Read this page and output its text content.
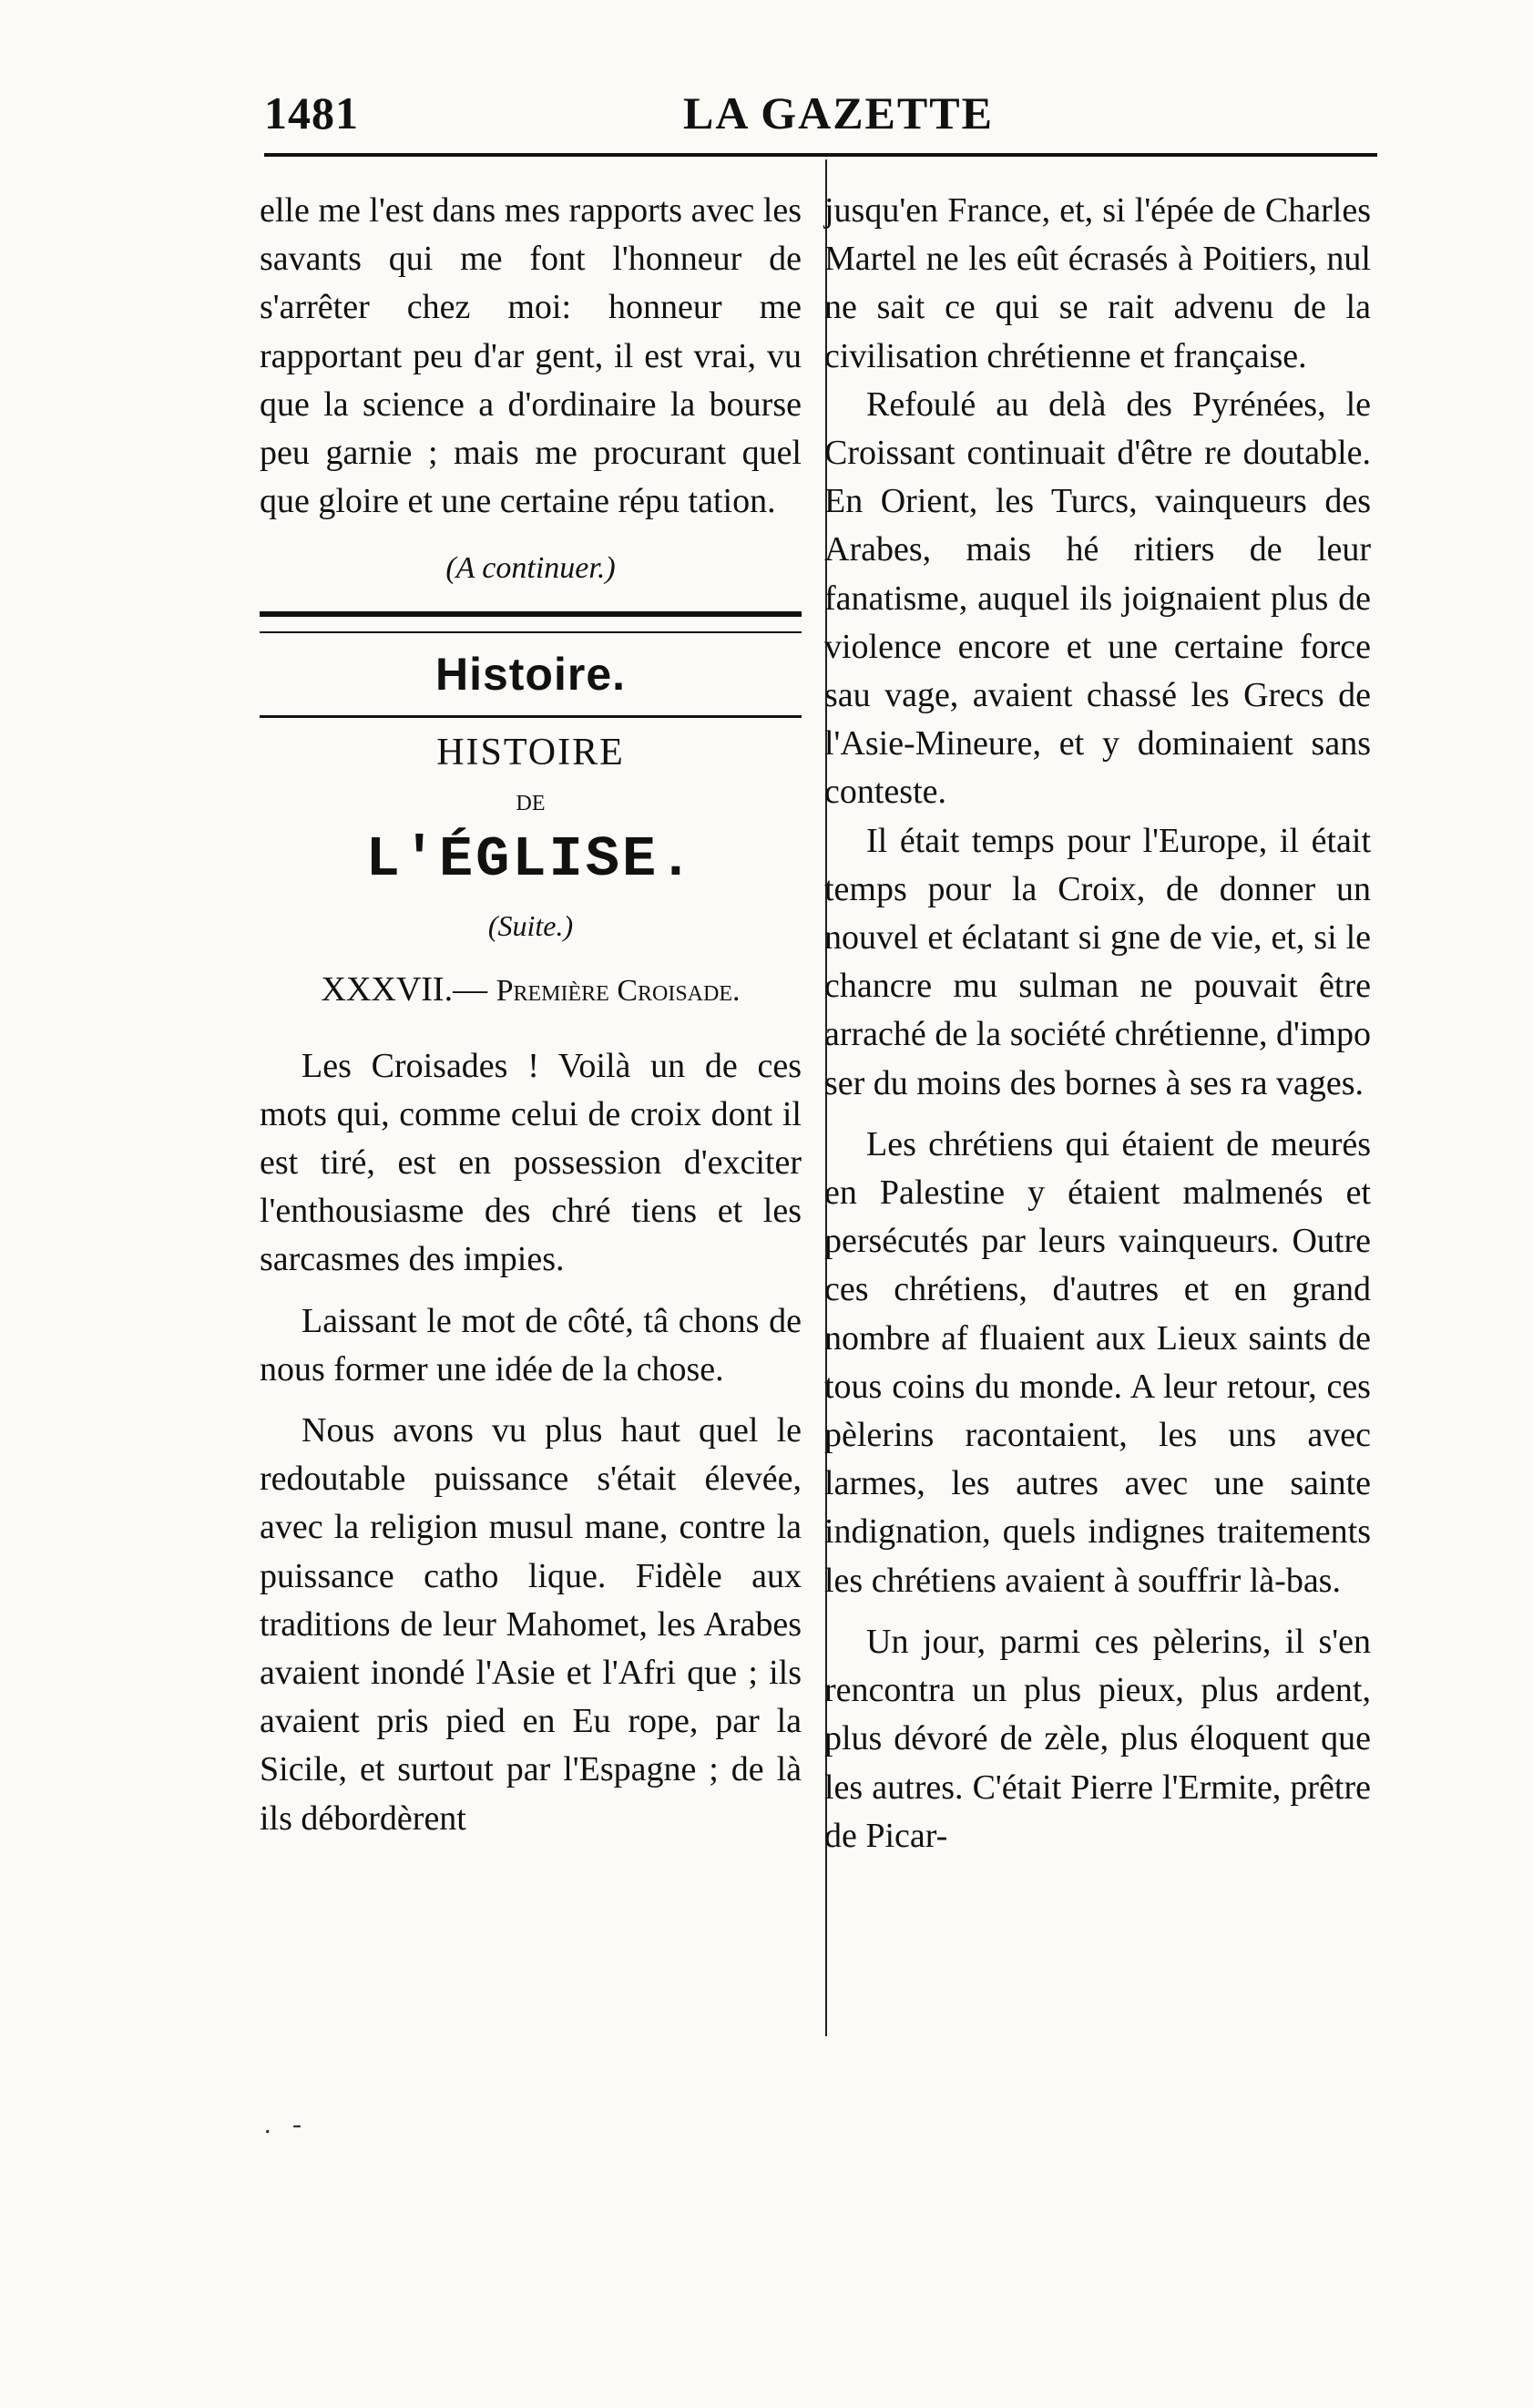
1481	LA GAZETTE

elle me l'est dans mes rapports avec les savants qui me font l'honneur de s'arrêter chez moi: honneur me rapportant peu d'ar gent, il est vrai, vu que la science a d'ordinaire la bourse peu garnie ; mais me procurant quel que gloire et une certaine répu tation.

(A continuer.)
Histoire.
HISTOIRE
DE
L'ÉGLISE.
(Suite.)
XXXVII.— Première Croisade.

Les Croisades ! Voilà un de ces mots qui, comme celui de croix dont il est tiré, est en possession d'exciter l'enthousiasme des chré tiens et les sarcasmes des impies.

Laissant le mot de côté, tâ chons de nous former une idée de la chose.

Nous avons vu plus haut quel le redoutable puissance s'était élevée, avec la religion musul mane, contre la puissance catho lique. Fidèle aux traditions de leur Mahomet, les Arabes avaient inondé l'Asie et l'Afri que ; ils avaient pris pied en Eu rope, par la Sicile, et surtout par l'Espagne ; de là ils débordèrent

jusqu'en France, et, si l'épée de Charles Martel ne les eût écrasés à Poitiers, nul ne sait ce qui se rait advenu de la civilisation chrétienne et française.

Refoulé au delà des Pyrénées, le Croissant continuait d'être re doutable. En Orient, les Turcs, vainqueurs des Arabes, mais hé ritiers de leur fanatisme, auquel ils joignaient plus de violence encore et une certaine force sau vage, avaient chassé les Grecs de l'Asie-Mineure, et y dominaient sans conteste.

Il était temps pour l'Europe, il était temps pour la Croix, de donner un nouvel et éclatant si gne de vie, et, si le chancre mu sulman ne pouvait être arraché de la société chrétienne, d'impo ser du moins des bornes à ses ra vages.

Les chrétiens qui étaient de meurés en Palestine y étaient malmenés et persécutés par leurs vainqueurs. Outre ces chrétiens, d'autres et en grand nombre af fluaient aux Lieux saints de tous coins du monde. A leur retour, ces pèlerins racontaient, les uns avec larmes, les autres avec une sainte indignation, quels indignes traitements les chrétiens avaient à souffrir là-bas.

Un jour, parmi ces pèlerins, il s'en rencontra un plus pieux, plus ardent, plus dévoré de zèle, plus éloquent que les autres. C'était Pierre l'Ermite, prêtre de Picar-

. -
